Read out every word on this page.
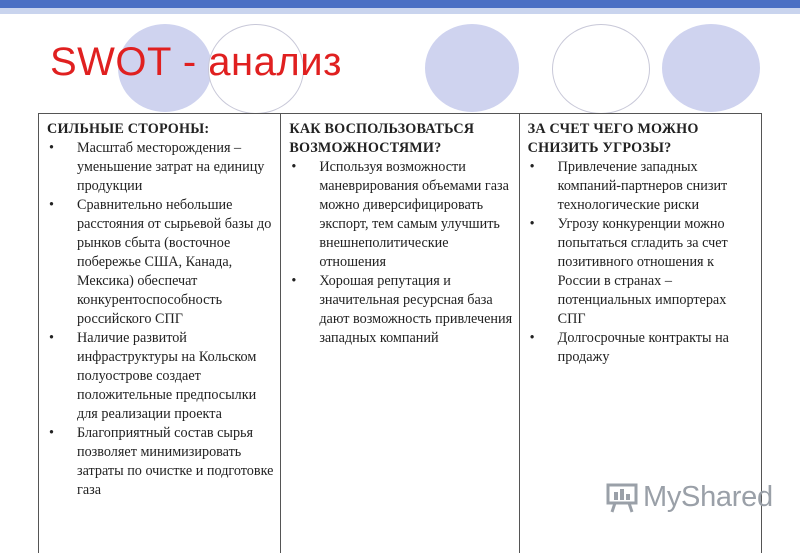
SWOT - анализ
СИЛЬНЫЕ СТОРОНЫ:
• Масштаб месторождения – уменьшение затрат на единицу продукции
• Сравнительно небольшие расстояния от сырьевой базы до рынков сбыта (восточное побережье США, Канада, Мексика) обеспечат конкурентоспособность российского СПГ
• Наличие развитой инфраструктуры на Кольском полуострове создает положительные предпосылки для реализации проекта
• Благоприятный состав сырья позволяет минимизировать затраты по очистке и подготовке газа
КАК ВОСПОЛЬЗОВАТЬСЯ ВОЗМОЖНОСТЯМИ?
• Используя возможности маневрирования объемами газа можно диверсифицировать экспорт, тем самым улучшить внешнеполитические отношения
• Хорошая репутация и значительная ресурсная база дают возможность привлечения западных компаний
ЗА СЧЕТ ЧЕГО МОЖНО СНИЗИТЬ УГРОЗЫ?
• Привлечение западных компаний-партнеров снизит технологические риски
• Угрозу конкуренции можно попытаться сгладить за счет позитивного отношения к России в странах – потенциальных импортерах СПГ
• Долгосрочные контракты на продажу
MyShared
